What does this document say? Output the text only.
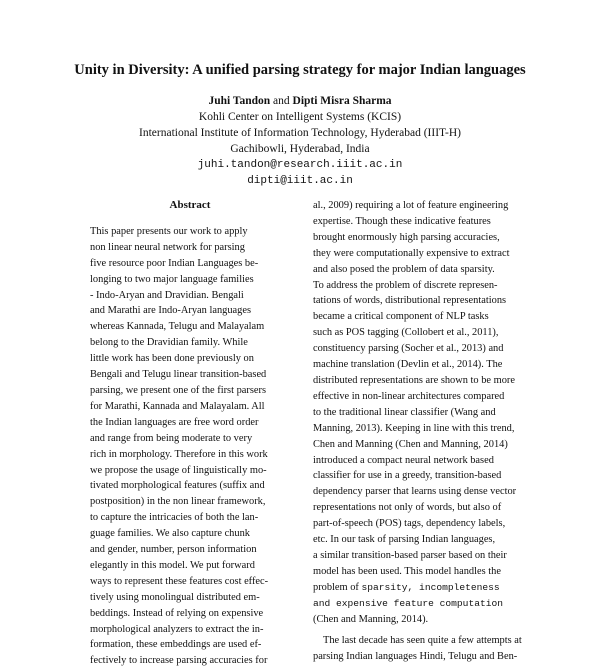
Unity in Diversity: A unified parsing strategy for major Indian languages
Juhi Tandon and Dipti Misra Sharma
Kohli Center on Intelligent Systems (KCIS)
International Institute of Information Technology, Hyderabad (IIIT-H)
Gachibowli, Hyderabad, India
juhi.tandon@research.iiit.ac.in
dipti@iiit.ac.in
Abstract
This paper presents our work to apply
non linear neural network for parsing
five resource poor Indian Languages be-
longing to two major language families
- Indo-Aryan and Dravidian. Bengali
and Marathi are Indo-Aryan languages
whereas Kannada, Telugu and Malayalam
belong to the Dravidian family. While
little work has been done previously on
Bengali and Telugu linear transition-based
parsing, we present one of the first parsers
for Marathi, Kannada and Malayalam. All
the Indian languages are free word order
and range from being moderate to very
rich in morphology. Therefore in this work
we propose the usage of linguistically mo-
tivated morphological features (suffix and
postposition) in the non linear framework,
to capture the intricacies of both the lan-
guage families. We also capture chunk
and gender, number, person information
elegantly in this model. We put forward
ways to represent these features cost effec-
tively using monolingual distributed em-
beddings. Instead of relying on expensive
morphological analyzers to extract the in-
formation, these embeddings are used ef-
fectively to increase parsing accuracies for
al., 2009) requiring a lot of feature engineering
expertise. Though these indicative features
brought enormously high parsing accuracies,
they were computationally expensive to extract
and also posed the problem of data sparsity.
To address the problem of discrete represen-
tations of words, distributional representations
became a critical component of NLP tasks
such as POS tagging (Collobert et al., 2011),
constituency parsing (Socher et al., 2013) and
machine translation (Devlin et al., 2014). The
distributed representations are shown to be more
effective in non-linear architectures compared
to the traditional linear classifier (Wang and
Manning, 2013). Keeping in line with this trend,
Chen and Manning (Chen and Manning, 2014)
introduced a compact neural network based
classifier for use in a greedy, transition-based
dependency parser that learns using dense vector
representations not only of words, but also of
part-of-speech (POS) tags, dependency labels,
etc. In our task of parsing Indian languages,
a similar transition-based parser based on their
model has been used. This model handles the
problem of sparsity, incompleteness
and expensive feature computation
(Chen and Manning, 2014).
The last decade has seen quite a few attempts at
parsing Indian languages Hindi, Telugu and Ben-
